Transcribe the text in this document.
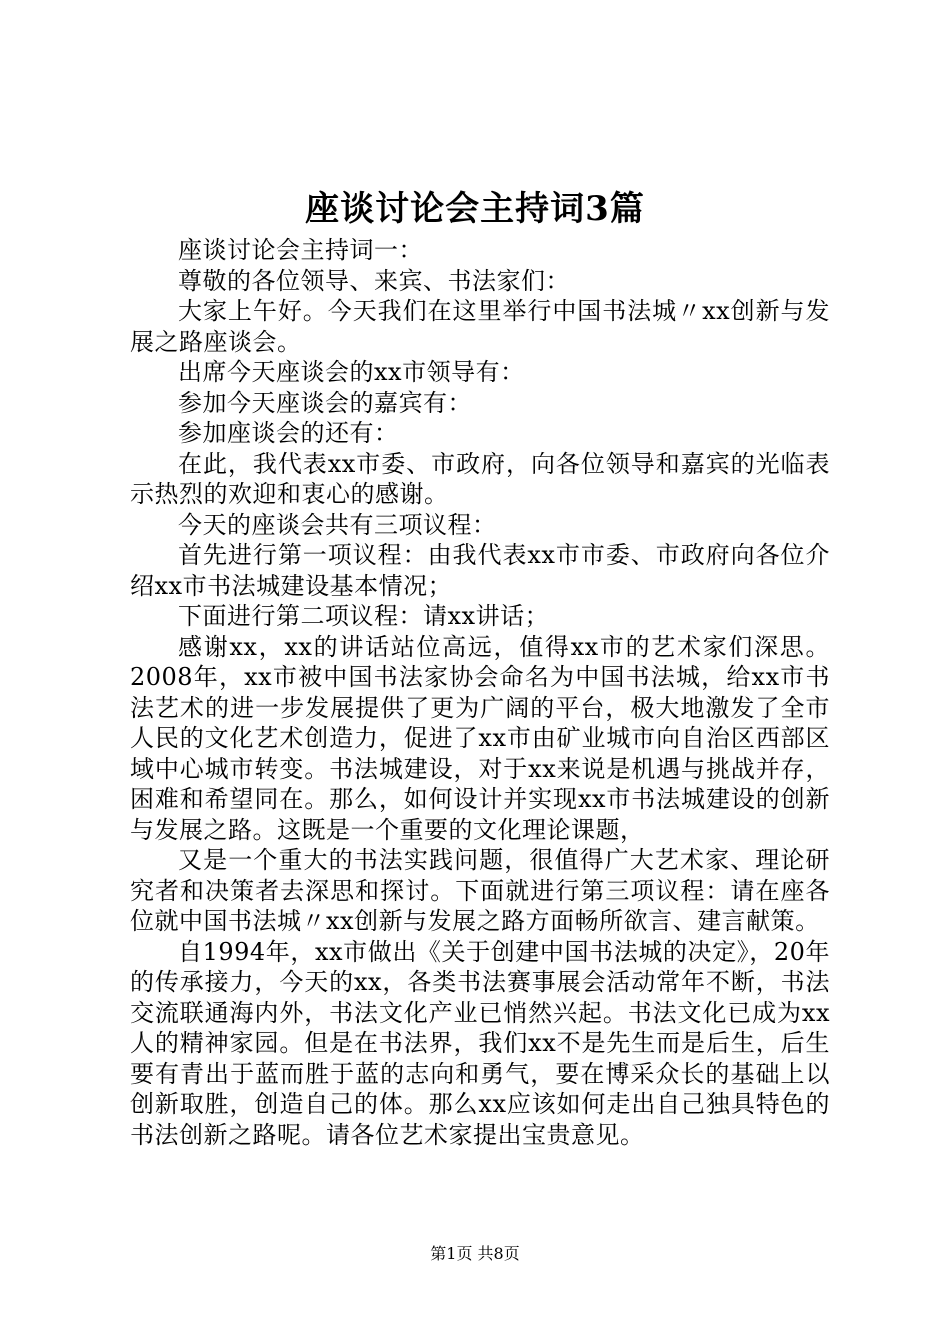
座谈讨论会主持词3篇

座谈讨论会主持词一：

尊敬的各位领导、来宾、书法家们：

大家上午好。今天我们在这里举行中国书法城〃xx创新与发展之路座谈会。

出席今天座谈会的xx市领导有：

参加今天座谈会的嘉宾有：

参加座谈会的还有：

在此，我代表xx市委、市政府，向各位领导和嘉宾的光临表示热烈的欢迎和衷心的感谢。

今天的座谈会共有三项议程：

首先进行第一项议程：由我代表xx市市委、市政府向各位介绍xx市书法城建设基本情况；

下面进行第二项议程：请xx讲话；

感谢xx，xx的讲话站位高远，值得xx市的艺术家们深思。2008年，xx市被中国书法家协会命名为中国书法城，给xx市书法艺术的进一步发展提供了更为广阔的平台，极大地激发了全市人民的文化艺术创造力，促进了xx市由矿业城市向自治区西部区域中心城市转变。书法城建设，对于xx来说是机遇与挑战并存，困难和希望同在。那么，如何设计并实现xx市书法城建设的创新与发展之路。这既是一个重要的文化理论课题，

又是一个重大的书法实践问题，很值得广大艺术家、理论研究者和决策者去深思和探讨。下面就进行第三项议程：请在座各位就中国书法城〃xx创新与发展之路方面畅所欲言、建言献策。

自1994年，xx市做出《关于创建中国书法城的决定》，20年的传承接力，今天的xx，各类书法赛事展会活动常年不断，书法交流联通海内外，书法文化产业已悄然兴起。书法文化已成为xx人的精神家园。但是在书法界，我们xx不是先生而是后生，后生要有青出于蓝而胜于蓝的志向和勇气，要在博采众长的基础上以创新取胜，创造自己的体。那么xx应该如何走出自己独具特色的书法创新之路呢。请各位艺术家提出宝贵意见。

第1页 共8页
